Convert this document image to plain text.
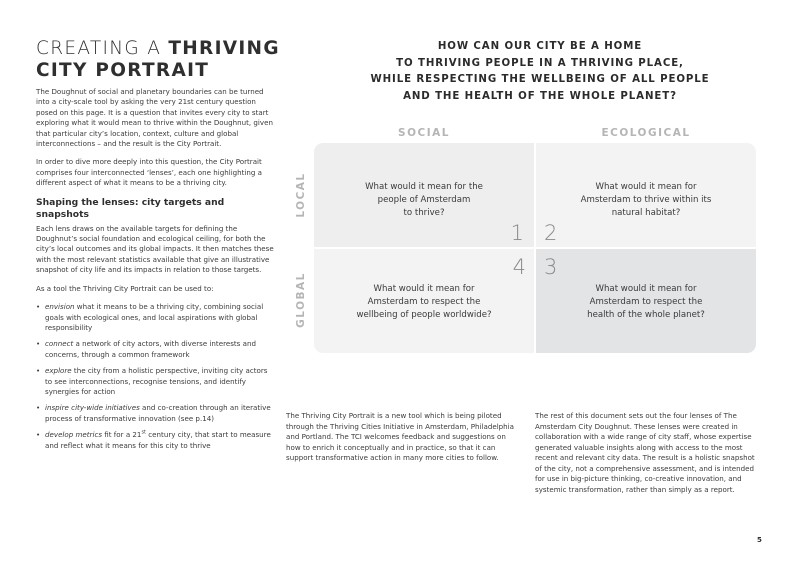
CREATING A THRIVING
CITY PORTRAIT

The Doughnut of social and planetary boundaries can be turned into a city-scale tool by asking the very 21st century question posed on this page. It is a question that invites every city to start exploring what it would mean to thrive within the Doughnut, given that particular city’s location, context, culture and global interconnections – and the result is the City Portrait.

In order to dive more deeply into this question, the City Portrait comprises four interconnected ‘lenses’, each one highlighting a different aspect of what it means to be a thriving city.

Shaping the lenses: city targets and snapshots

Each lens draws on the available targets for defining the Doughnut’s social foundation and ecological ceiling, for both the city’s local outcomes and its global impacts. It then matches these with the most relevant statistics available that give an illustrative snapshot of city life and its impacts in relation to those targets.

As a tool the Thriving City Portrait can be used to:

• envision what it means to be a thriving city, combining social goals with ecological ones, and local aspirations with global responsibility
• connect a network of city actors, with diverse interests and concerns, through a common framework
• explore the city from a holistic perspective, inviting city actors to see interconnections, recognise tensions, and identify synergies for action
• inspire city-wide initiatives and co-creation through an iterative process of transformative innovation (see p.14)
• develop metrics fit for a 21st century city, that start to measure and reflect what it means for this city to thrive
HOW CAN OUR CITY BE A HOME
TO THRIVING PEOPLE IN A THRIVING PLACE,
WHILE RESPECTING THE WELLBEING OF ALL PEOPLE
AND THE HEALTH OF THE WHOLE PLANET?
SOCIAL	ECOLOGICAL
LOCAL
GLOBAL
What would it mean for the
people of Amsterdam
to thrive?
1
What would it mean for
Amsterdam to thrive within its
natural habitat?
2
4
What would it mean for
Amsterdam to respect the
wellbeing of people worldwide?
3
What would it mean for
Amsterdam to respect the
health of the whole planet?

The Thriving City Portrait is a new tool which is being piloted through the Thriving Cities Initiative in Amsterdam, Philadelphia and Portland. The TCI welcomes feedback and suggestions on how to enrich it conceptually and in practice, so that it can support transformative action in many more cities to follow.

The rest of this document sets out the four lenses of The Amsterdam City Doughnut. These lenses were created in collaboration with a wide range of city staff, whose expertise generated valuable insights along with access to the most recent and relevant city data. The result is a holistic snapshot of the city, not a comprehensive assessment, and is intended for use in big-picture thinking, co-creative innovation, and systemic transformation, rather than simply as a report.

5
